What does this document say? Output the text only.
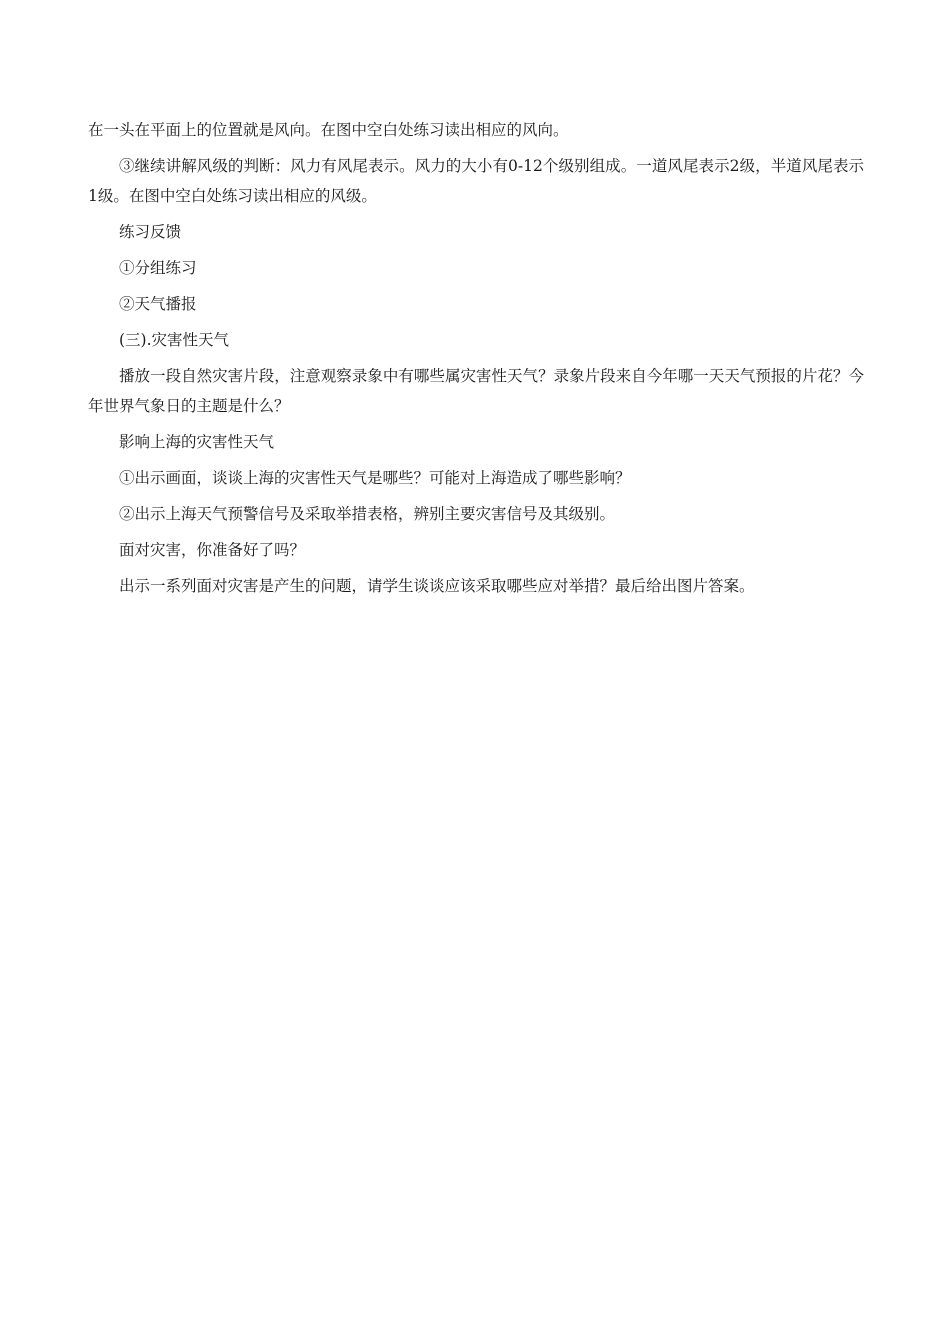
在一头在平面上的位置就是风向。在图中空白处练习读出相应的风向。

③继续讲解风级的判断：风力有风尾表示。风力的大小有0-12个级别组成。一道风尾表示2级，半道风尾表示1级。在图中空白处练习读出相应的风级。

练习反馈

①分组练习

②天气播报

(三).灾害性天气

播放一段自然灾害片段，注意观察录象中有哪些属灾害性天气？录象片段来自今年哪一天天气预报的片花？今年世界气象日的主题是什么？

影响上海的灾害性天气

①出示画面，谈谈上海的灾害性天气是哪些？可能对上海造成了哪些影响？

②出示上海天气预警信号及采取举措表格，辨别主要灾害信号及其级别。

面对灾害，你准备好了吗？

出示一系列面对灾害是产生的问题，请学生谈谈应该采取哪些应对举措？最后给出图片答案。
